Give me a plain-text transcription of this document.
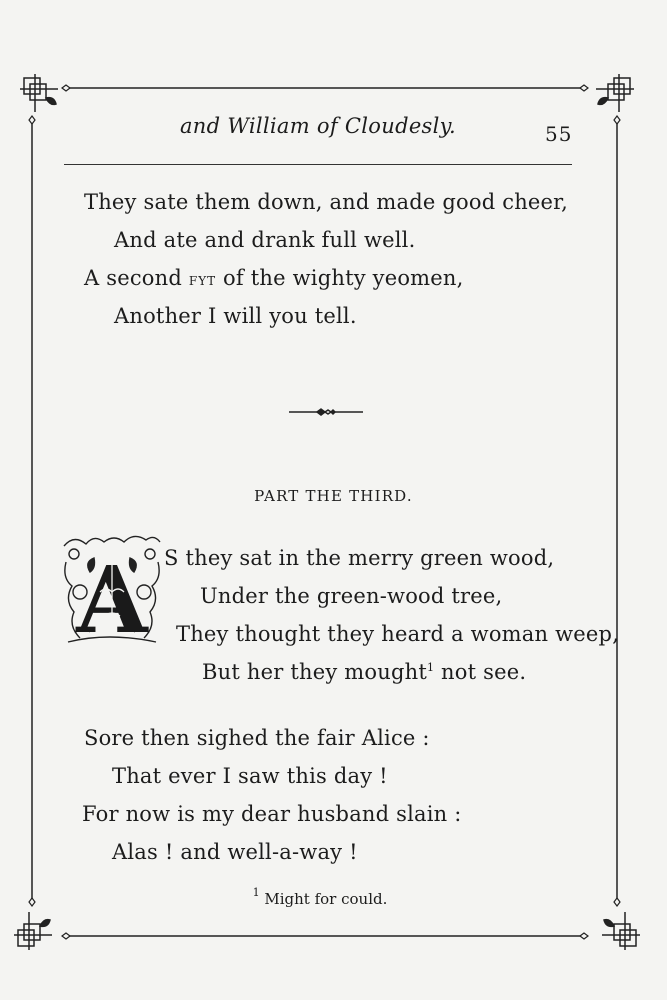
and William of Cloudesly.	55
They sate them down, and made good cheer,
And ate and drank full well.
A second fyt of the wighty yeomen,
Another I will you tell.
PART THE THIRD.
A S they sat in the merry green wood,
Under the green-wood tree,
They thought they heard a woman weep,
But her they mought$^1$ not see.
Sore then sighed the fair Alice :
That ever I saw this day !
For now is my dear husband slain :
Alas ! and well-a-way !
$^1$ Might for could.
